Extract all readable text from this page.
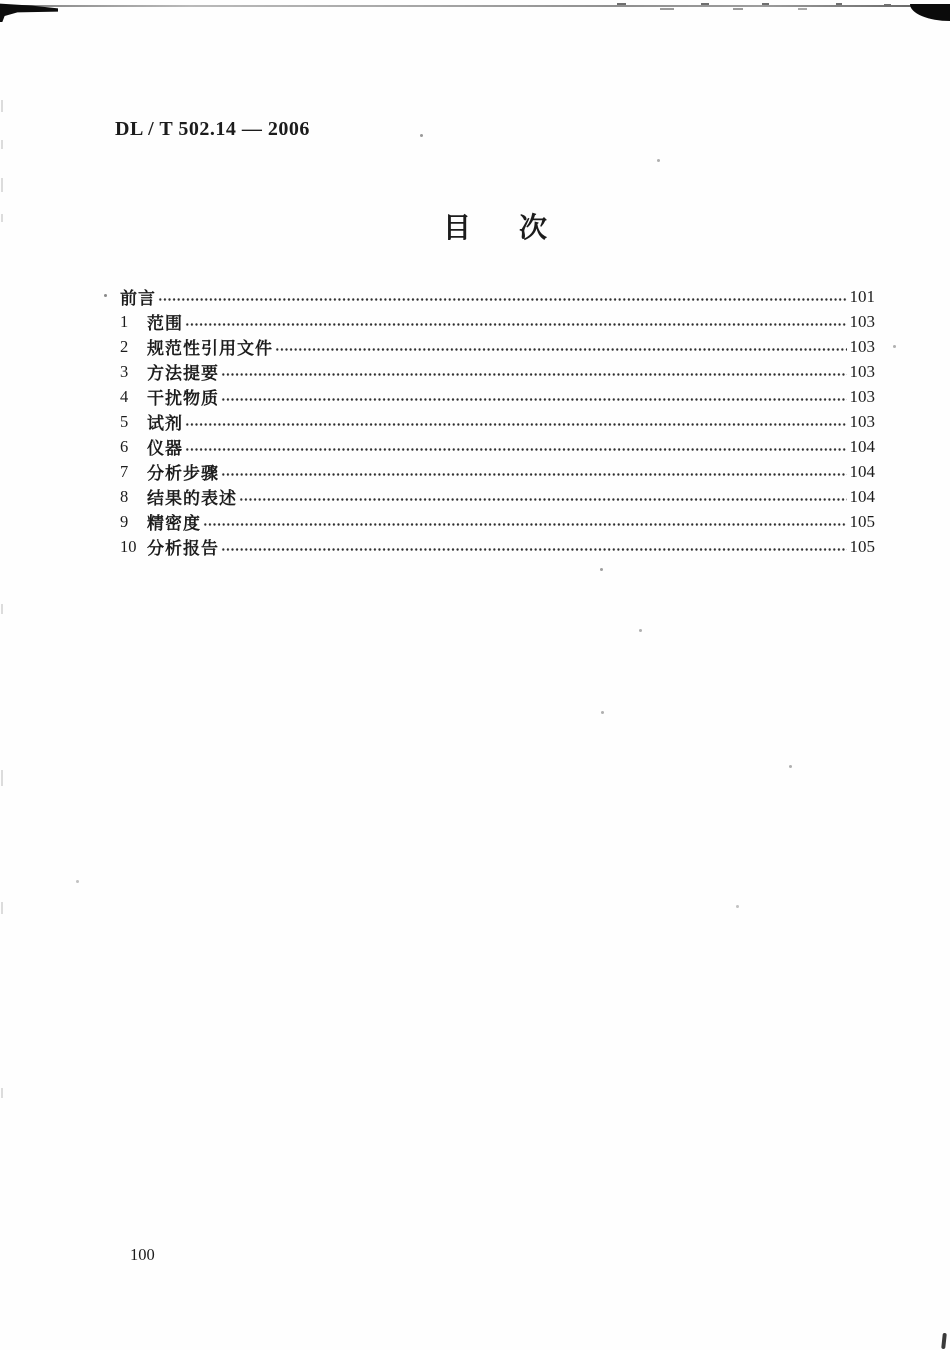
DL / T 502.14 — 2006
目次
前言	101
1	范围	103
2	规范性引用文件	103
3	方法提要	103
4	干扰物质	103
5	试剂	103
6	仪器	104
7	分析步骤	104
8	结果的表述	104
9	精密度	105
10 分析报告	105
100
